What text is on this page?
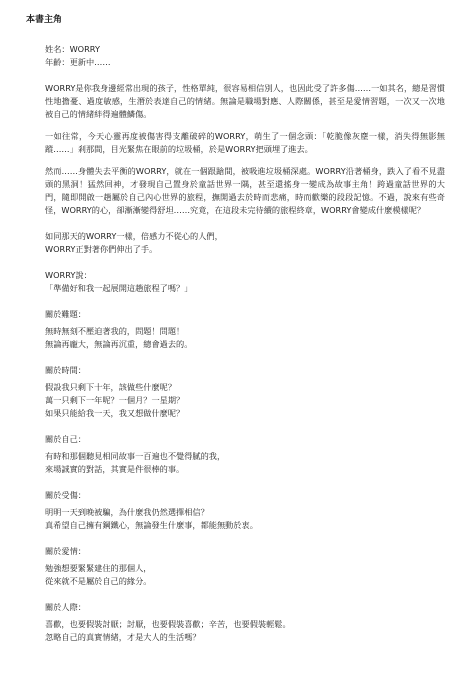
本書主角
姓名：WORRY
年齡：更新中……

WORRY是你我身邊經常出現的孩子，性格單純，很容易相信別人，也因此受了許多傷……一如其名，總是習慣性地擔憂、過度敏感，生潛於表達自己的情緒。無論是職場對應、人際關係，甚至是愛情習題，一次又一次地被自己的情緒絆得遍體鱗傷。

一如往常，今天心靈再度被傷害得支離破碎的WORRY，萌生了一個念頭：「乾脆像灰塵一樣，消失得無影無蹤……」剎那間，目光緊焦在眼前的垃圾桶，於是WORRY把頭埋了進去。

然而……身體失去平衡的WORRY，就在一個跟蹌間，被吸進垃圾桶深處。WORRY沿著桶身，跌入了看不見盡頭的黑洞！猛然回神，才發現自己置身於童話世界一隅，甚至還搖身一變成為故事主角！跨過童話世界的大門，隨即開啟一趟屬於自己內心世界的旅程，撫開過去於時而悲痛，時而歡樂的段段記憶。不過，說來有些奇怪，WORRY的心，卻漸漸變得舒坦……究竟，在這段未完待續的旅程終章，WORRY會變成什麼模樣呢？

如同那天的WORRY一樣，倍感力不從心的人們，
WORRY正對著你們伸出了手。
WORRY說：
「準備好和我一起展開這趟旅程了嗎？」
關於難題：
無時無刻不壓迫著我的，問題！問題！
無論再龐大，無論再沉重，總會過去的。
關於時間：
假設我只剩下十年，該做些什麼呢？
萬一只剩下一年呢？一個月？一星期？
如果只能給我一天，我又想做什麼呢？
關於自己：
有時和那個聽見相同故事一百遍也不覺得膩的我，
來場誠實的對話，其實是件很棒的事。
關於受傷：
明明一天到晚被騙，為什麼我仍然選擇相信？
真希望自己擁有鋼鐵心，無論發生什麼事，都能無動於衷。
關於愛情：
勉強想要緊緊建住的那個人，
從來就不是屬於自己的緣分。
關於人際：
喜歡，也要假裝討厭；討厭，也要假裝喜歡；辛苦，也要假裝輕鬆。
忽略自己的真實情緒，才是大人的生活嗎？
